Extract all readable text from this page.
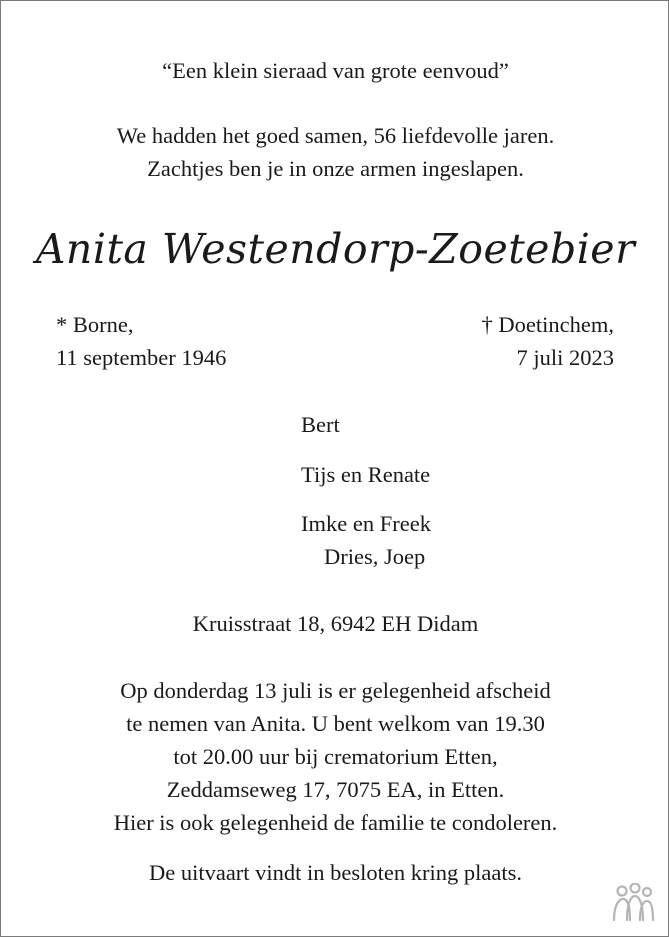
“Een klein sieraad van grote eenvoud”
We hadden het goed samen, 56 liefdevolle jaren.
Zachtjes ben je in onze armen ingeslapen.
Anita Westendorp-Zoetebier
* Borne,
11 september 1946
† Doetinchem,
7 juli 2023
Bert
Tijs en Renate
Imke en Freek
Dries, Joep
Kruisstraat 18, 6942 EH Didam
Op donderdag 13 juli is er gelegenheid afscheid
te nemen van Anita. U bent welkom van 19.30
tot 20.00 uur bij crematorium Etten,
Zeddamseweg 17, 7075 EA, in Etten.
Hier is ook gelegenheid de familie te condoleren.
De uitvaart vindt in besloten kring plaats.
